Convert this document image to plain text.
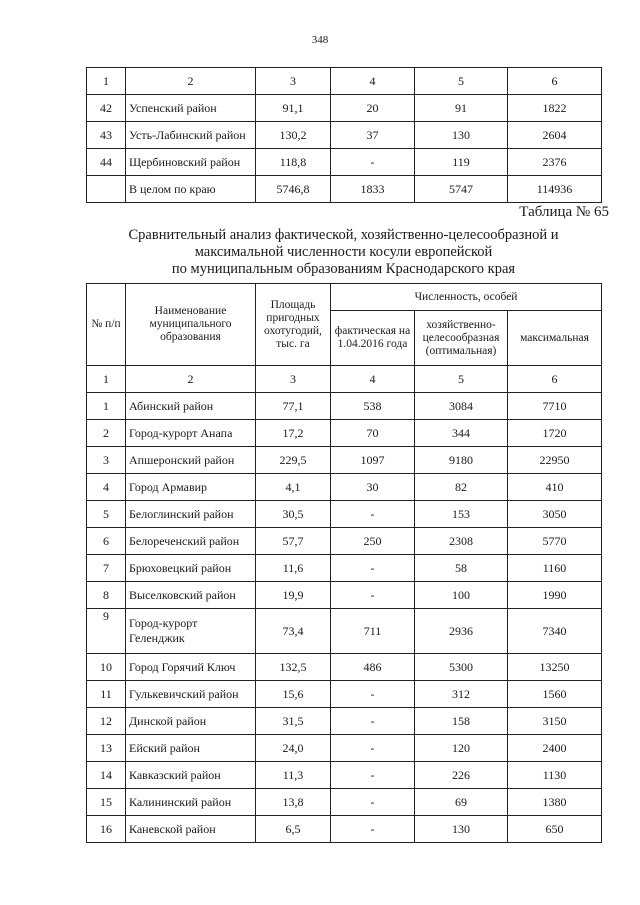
348
1	2	3	4	5	6
42	Успенский район	91,1	20	91	1822
43	Усть-Лабинский район	130,2	37	130	2604
44	Щербиновский район	118,8	-	119	2376
	В целом по краю	5746,8	1833	5747	114936
Таблица № 65
Сравнительный анализ фактической, хозяйственно-целесообразной и
максимальной численности косули европейской
по муниципальным образованиям Краснодарского края
№ п/п	Наименование муниципального образования	Площадь пригодных охотугодий, тыс. га	Численность, особей		
			фактическая на 1.04.2016 года	хозяйственно-целесообразная (оптимальная)	максимальная
1	2	3	4	5	6
1	Абинский район	77,1	538	3084	7710
2	Город-курорт Анапа	17,2	70	344	1720
3	Апшеронский район	229,5	1097	9180	22950
4	Город Армавир	4,1	30	82	410
5	Белоглинский район	30,5	-	153	3050
6	Белореченский район	57,7	250	2308	5770
7	Брюховецкий район	11,6	-	58	1160
8	Выселковский район	19,9	-	100	1990
9	Город-курорт Геленджик	73,4	711	2936	7340
10	Город Горячий Ключ	132,5	486	5300	13250
11	Гулькевичский район	15,6	-	312	1560
12	Динской район	31,5	-	158	3150
13	Ейский район	24,0	-	120	2400
14	Кавказский район	11,3	-	226	1130
15	Калининский район	13,8	-	69	1380
16	Каневской район	6,5	-	130	650
